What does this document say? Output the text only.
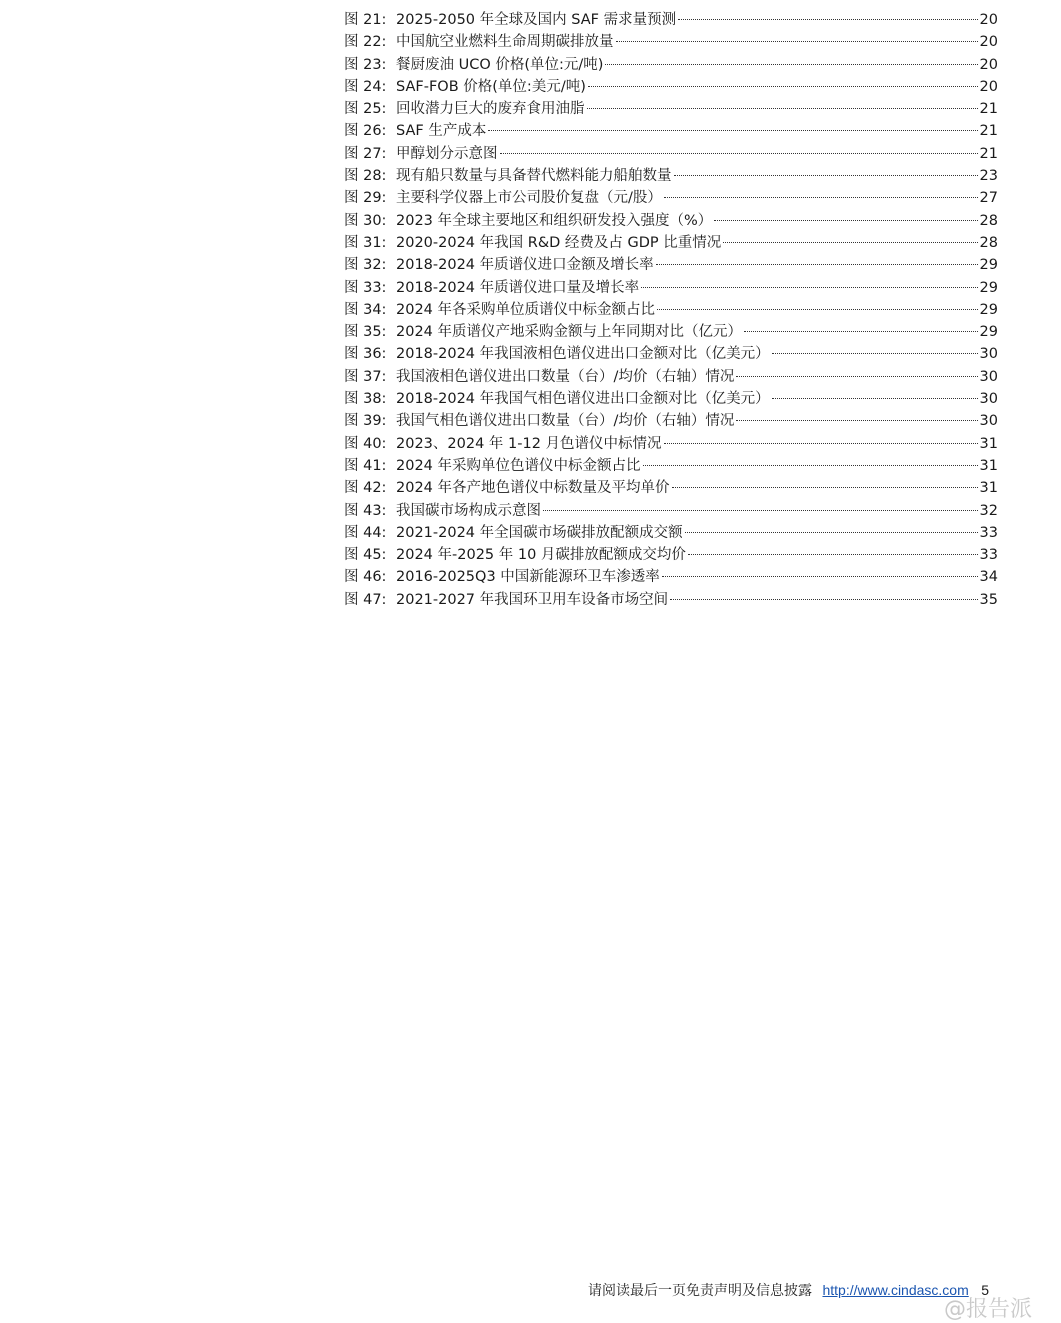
图 21: 2025-2050 年全球及国内 SAF 需求量预测	20
图 22: 中国航空业燃料生命周期碳排放量	20
图 23: 餐厨废油 UCO 价格(单位:元/吨)	20
图 24: SAF-FOB 价格(单位:美元/吨)	20
图 25: 回收潜力巨大的废弃食用油脂	21
图 26: SAF 生产成本	21
图 27: 甲醇划分示意图	21
图 28: 现有船只数量与具备替代燃料能力船舶数量	23
图 29: 主要科学仪器上市公司股价复盘（元/股）	27
图 30: 2023 年全球主要地区和组织研发投入强度（%）	28
图 31: 2020-2024 年我国 R&D 经费及占 GDP 比重情况	28
图 32: 2018-2024 年质谱仪进口金额及增长率	29
图 33: 2018-2024 年质谱仪进口量及增长率	29
图 34: 2024 年各采购单位质谱仪中标金额占比	29
图 35: 2024 年质谱仪产地采购金额与上年同期对比（亿元）	29
图 36: 2018-2024 年我国液相色谱仪进出口金额对比（亿美元）	30
图 37: 我国液相色谱仪进出口数量（台）/均价（右轴）情况	30
图 38: 2018-2024 年我国气相色谱仪进出口金额对比（亿美元）	30
图 39: 我国气相色谱仪进出口数量（台）/均价（右轴）情况	30
图 40: 2023、2024 年 1-12 月色谱仪中标情况	31
图 41: 2024 年采购单位色谱仪中标金额占比	31
图 42: 2024 年各产地色谱仪中标数量及平均单价	31
图 43: 我国碳市场构成示意图	32
图 44: 2021-2024 年全国碳市场碳排放配额成交额	33
图 45: 2024 年-2025 年 10 月碳排放配额成交均价	33
图 46: 2016-2025Q3 中国新能源环卫车渗透率	34
图 47: 2021-2027 年我国环卫用车设备市场空间	35
请阅读最后一页免责声明及信息披露 http://www.cindasc.com 5
@报告派
